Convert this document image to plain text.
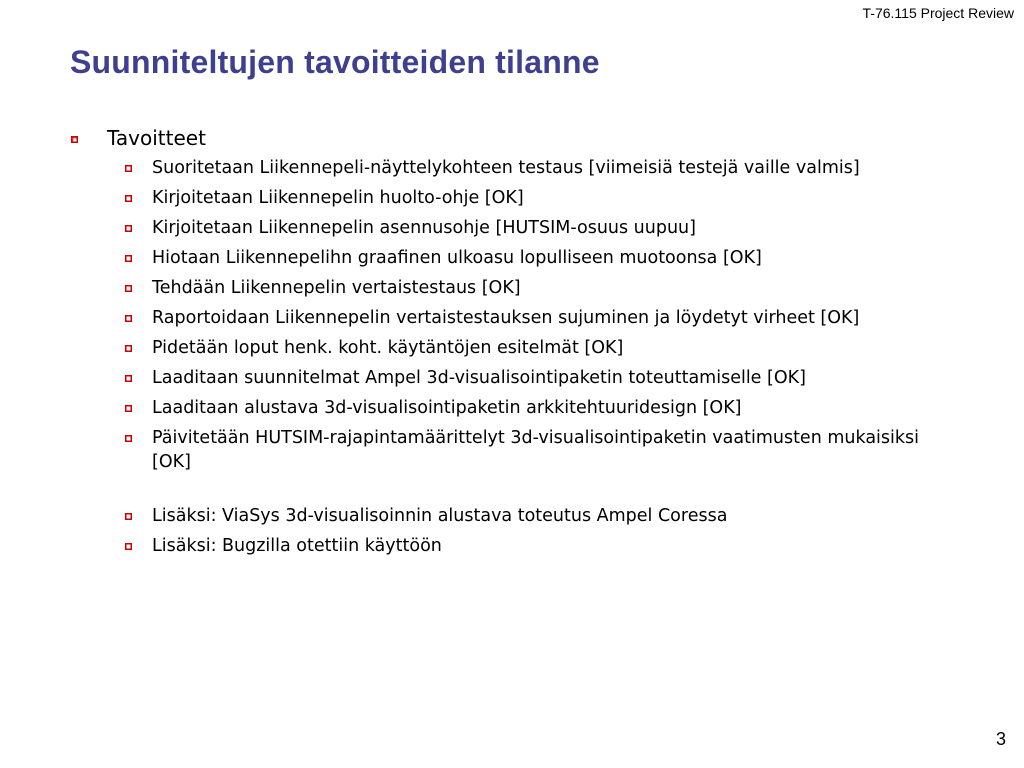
T-76.115 Project Review
Suunniteltujen tavoitteiden tilanne
Tavoitteet
Suoritetaan Liikennepeli-näyttelykohteen testaus [viimeisiä testejä vaille valmis]
Kirjoitetaan Liikennepelin huolto-ohje [OK]
Kirjoitetaan Liikennepelin asennusohje [HUTSIM-osuus uupuu]
Hiotaan Liikennepelihn graafinen ulkoasu lopulliseen muotoonsa [OK]
Tehdään Liikennepelin vertaistestaus [OK]
Raportoidaan Liikennepelin vertaistestauksen sujuminen ja löydetyt virheet [OK]
Pidetään loput henk. koht. käytäntöjen esitelmät [OK]
Laaditaan suunnitelmat Ampel 3d-visualisointipaketin toteuttamiselle [OK]
Laaditaan alustava 3d-visualisointipaketin arkkitehtuuridesign [OK]
Päivitetään HUTSIM-rajapintamäärittelyt 3d-visualisointipaketin vaatimusten mukaisiksi [OK]
Lisäksi: ViaSys 3d-visualisoinnin alustava toteutus Ampel Coressa
Lisäksi: Bugzilla otettiin käyttöön
3
